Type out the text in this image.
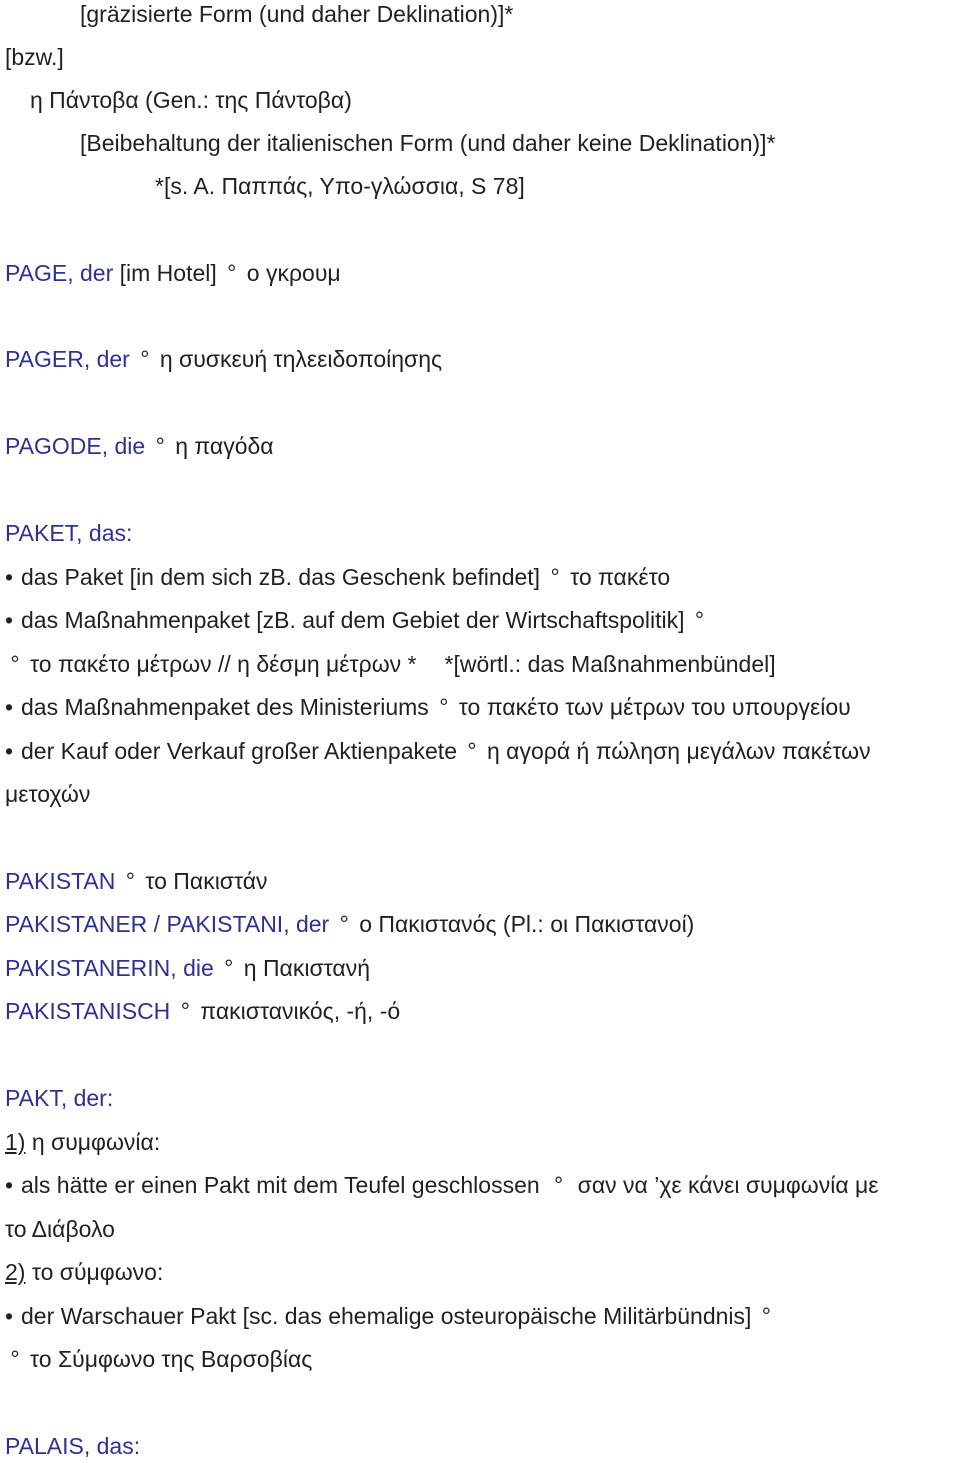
[gräzisierte Form (und daher Deklination)]*
[bzw.]
η Πάντοβα (Gen.: της Πάντοβα)
[Beibehaltung der italienischen Form (und daher keine Deklination)]*
*[s. A. Παππάς, Υπο-γλώσσια, S 78]
PAGE, der [im Hotel] ° ο γκρουμ
PAGER, der ° η συσκευή τηλεειδοποίησης
PAGODE, die ° η παγόδα
PAKET, das:
• das Paket [in dem sich zB. das Geschenk befindet] ° το πακέτο
• das Maßnahmenpaket [zB. auf dem Gebiet der Wirtschaftspolitik] °
° το πακέτο μέτρων // η δέσμη μέτρων * *[wörtl.: das Maßnahmenbündel]
• das Maßnahmenpaket des Ministeriums ° το πακέτο των μέτρων του υπουργείου
• der Kauf oder Verkauf großer Aktienpakete ° η αγορά ή πώληση μεγάλων πακέτων
μετοχών
PAKISTAN ° το Πακιστάν
PAKISTANER / PAKISTANI, der ° ο Πακιστανός (Pl.: οι Πακιστανοί)
PAKISTANERIN, die ° η Πακιστανή
PAKISTANISCH ° πακιστανικός, -ή, -ό
PAKT, der:
1) η συμφωνία:
• als hätte er einen Pakt mit dem Teufel geschlossen ° σαν να ’χε κάνει συμφωνία με
το Διάβολο
2) το σύμφωνο:
• der Warschauer Pakt [sc. das ehemalige osteuropäische Militärbündnis] °
° το Σύμφωνο της Βαρσοβίας
PALAIS, das:
